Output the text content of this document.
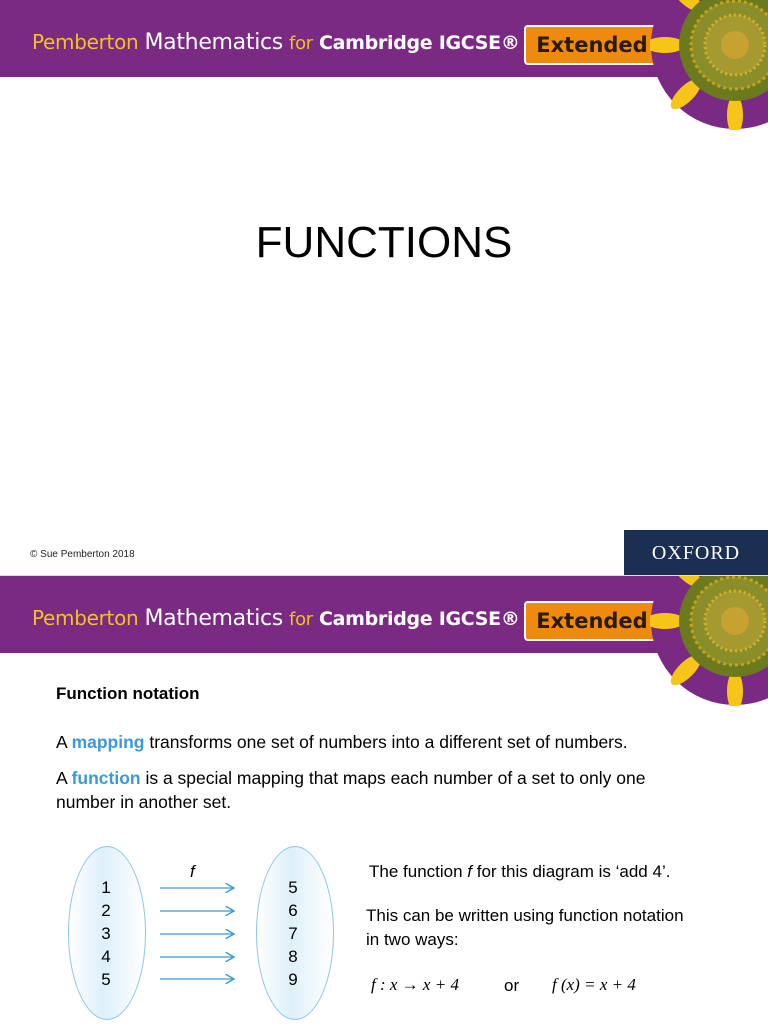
Pemberton Mathematics for Cambridge IGCSE® Extended
FUNCTIONS
© Sue Pemberton 2018	OXFORD
Pemberton Mathematics for Cambridge IGCSE® Extended
Function notation
A mapping transforms one set of numbers into a different set of numbers.
A function is a special mapping that maps each number of a set to only one number in another set.
f
1
2
3
4
5
5
6
7
8
9
The function f for this diagram is ‘add 4’.
This can be written using function notation in two ways:
f : x → x + 4	or f (x) = x + 4
